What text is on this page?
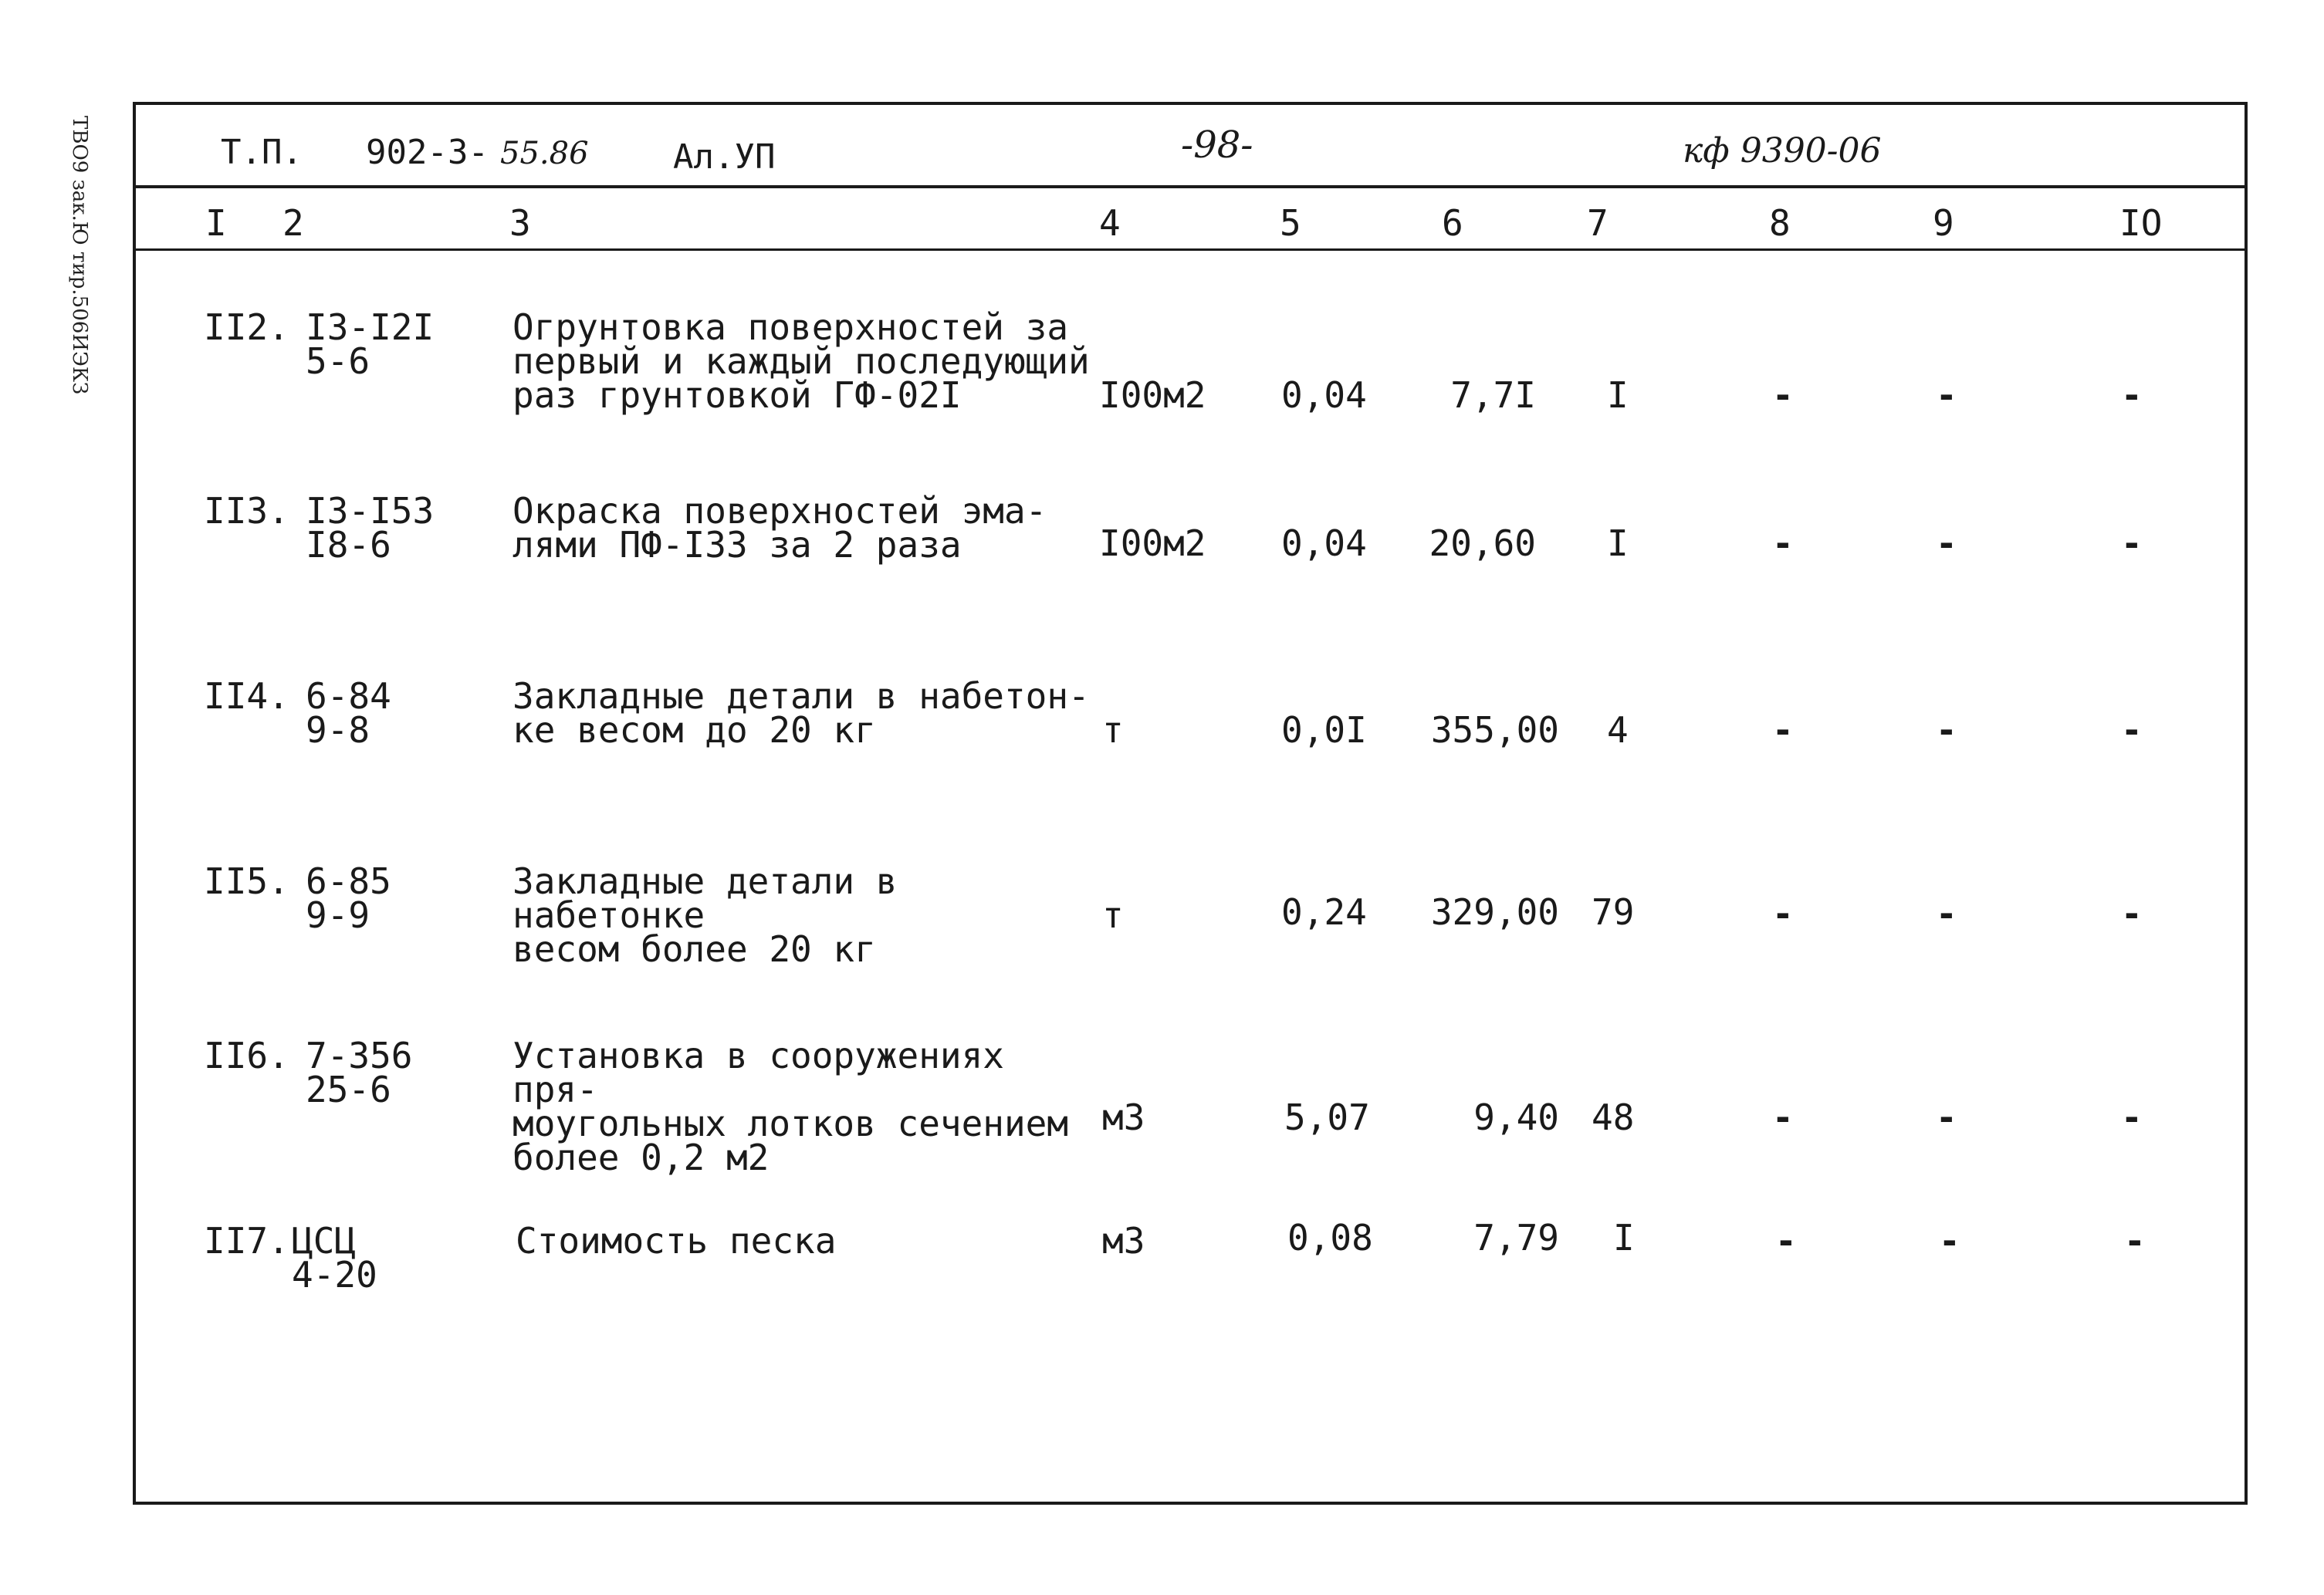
ТВО9 зак.Ю тир.506ИЭКЗ	Т.П. 902-3- 55.86 Ал.УП	-98-	кф 9390-06
I 2	3	4	5	6	7	8	9	IO
II2. I3-I2I
5-6
Огрунтовка поверхностей за
первый и каждый последующий
раз грунтовкой ГФ-02I	I00м2 0,04	7,7I I	-	-	-
II3. I3-I53
I8-6
Окраска поверхностей эма-
лями ПФ-I33 за 2 раза	I00м2 0,04 20,60 I	-	-	-
II4. 6-84
9-8
Закладные детали в набетон-
ке весом до 20 кг	т	0,0I	355,00 4	-	-	-
II5. 6-85
9-9
Закладные детали в набетонке
весом более 20 кг
т	0,24	329,00 79	-	-	-
II6. 7-356
25-6
Установка в сооружениях пря-
моугольных лотков сечением
более 0,2 м2
м3	5,07	9,40 48	-	-	-
II7. ЦСЦ
4-20
Стоимость песка	м3	0,08	7,79 I	-	-	-
